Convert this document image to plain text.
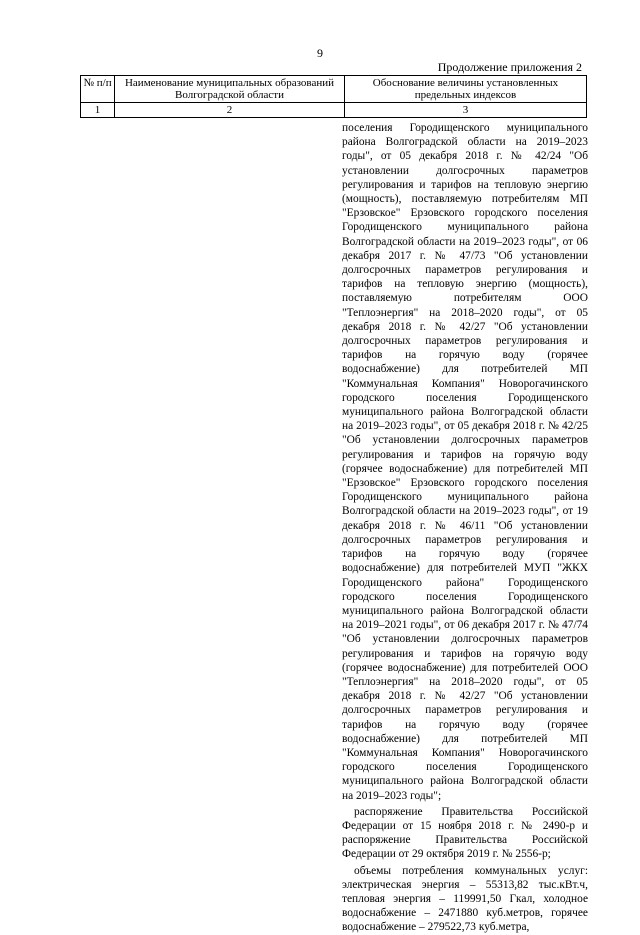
9
Продолжение приложения 2
№ п/п	Наименование муниципальных образований Волгоградской области	Обоснование величины установленных предельных индексов
1	2	3

поселения Городищенского муниципального района Волгоградской области на 2019–2023 годы", от 05 декабря 2018 г. № 42/24 "Об установлении долгосрочных параметров регулирования и тарифов на тепловую энергию (мощность), поставляемую потребителям МП "Ерзовское" Ерзовского городского поселения Городищенского муниципального района Волгоградской области на 2019–2023 годы", от 06 декабря 2017 г. № 47/73 "Об установлении долгосрочных параметров регулирования и тарифов на тепловую энергию (мощность), поставляемую потребителям ООО "Теплоэнергия" на 2018–2020 годы", от 05 декабря 2018 г. № 42/27 "Об установлении долгосрочных параметров регулирования и тарифов на горячую воду (горячее водоснабжение) для потребителей МП "Коммунальная Компания" Новорогачинского городского поселения Городищенского муниципального района Волгоградской области на 2019–2023 годы", от 05 декабря 2018 г. № 42/25 "Об установлении долгосрочных параметров регулирования и тарифов на горячую воду (горячее водоснабжение) для потребителей МП "Ерзовское" Ерзовского городского поселения Городищенского муниципального района Волгоградской области на 2019–2023 годы", от 19 декабря 2018 г. № 46/11 "Об установлении долгосрочных параметров регулирования и тарифов на горячую воду (горячее водоснабжение) для потребителей МУП "ЖКХ Городищенского района" Городищенского городского поселения Городищенского муниципального района Волгоградской области на 2019–2021 годы", от 06 декабря 2017 г. № 47/74 "Об установлении долгосрочных параметров регулирования и тарифов на горячую воду (горячее водоснабжение) для потребителей ООО "Теплоэнергия" на 2018–2020 годы", от 05 декабря 2018 г. № 42/27 "Об установлении долгосрочных параметров регулирования и тарифов на горячую воду (горячее водоснабжение) для потребителей МП "Коммунальная Компания" Новорогачинского городского поселения Городищенского муниципального района Волгоградской области на 2019–2023 годы";

распоряжение Правительства Российской Федерации от 15 ноября 2018 г. № 2490-р и распоряжение Правительства Российской Федерации от 29 октября 2019 г. № 2556-р;

объемы потребления коммунальных услуг: электрическая энергия – 55313,82 тыс.кВт.ч, тепловая энергия – 119991,50 Гкал, холодное водоснабжение – 2471880 куб.метров, горячее водоснабжение – 279522,73 куб.метра,
